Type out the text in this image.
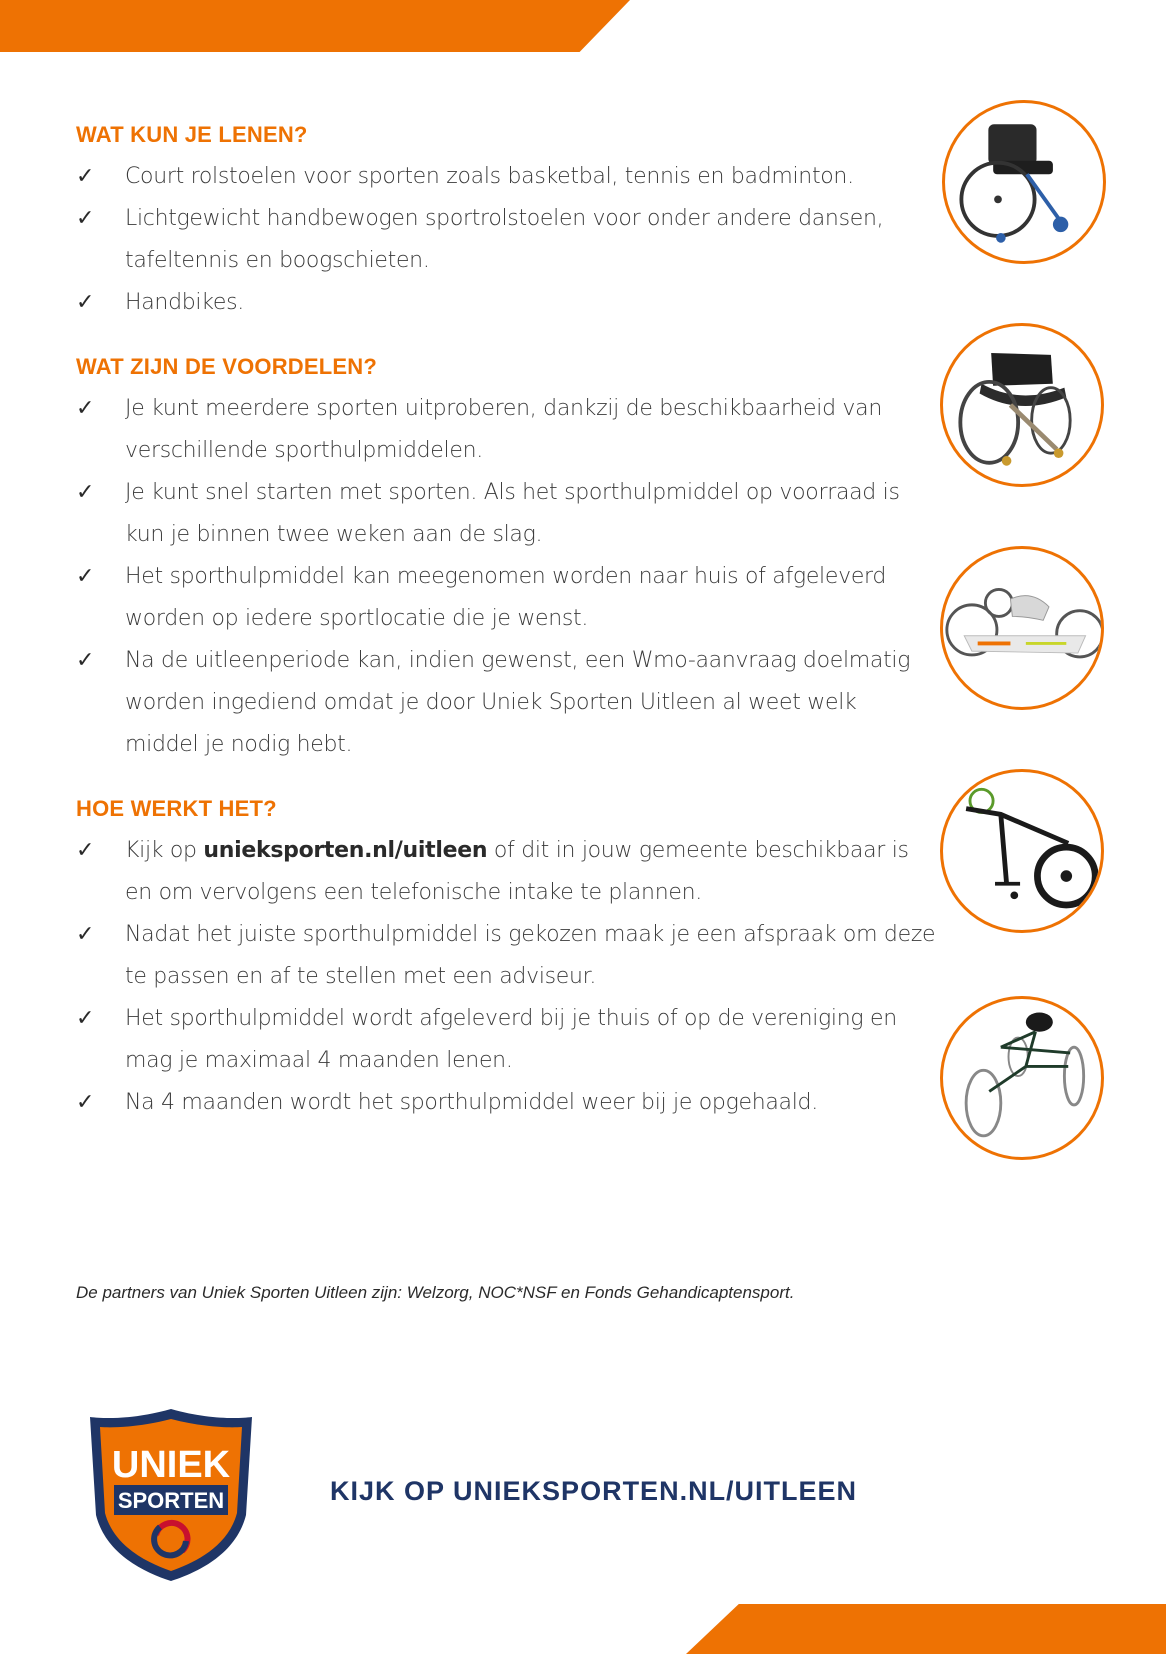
WAT KUN JE LENEN?
✓ Court rolstoelen voor sporten zoals basketbal, tennis en badminton.
✓ Lichtgewicht handbewogen sportrolstoelen voor onder andere dansen, tafeltennis en boogschieten.
✓ Handbikes.
WAT ZIJN DE VOORDELEN?
✓ Je kunt meerdere sporten uitproberen, dankzij de beschikbaarheid van verschillende sporthulpmiddelen.
✓ Je kunt snel starten met sporten. Als het sporthulpmiddel op voorraad is kun je binnen twee weken aan de slag.
✓ Het sporthulpmiddel kan meegenomen worden naar huis of afgeleverd worden op iedere sportlocatie die je wenst.
✓ Na de uitleenperiode kan, indien gewenst, een Wmo-aanvraag doelmatig worden ingediend omdat je door Uniek Sporten Uitleen al weet welk middel je nodig hebt.
HOE WERKT HET?
✓ Kijk op unieksporten.nl/uitleen of dit in jouw gemeente beschikbaar is en om vervolgens een telefonische intake te plannen.
✓ Nadat het juiste sporthulpmiddel is gekozen maak je een afspraak om deze te passen en af te stellen met een adviseur.
✓ Het sporthulpmiddel wordt afgeleverd bij je thuis of op de vereniging en mag je maximaal 4 maanden lenen.
✓ Na 4 maanden wordt het sporthulpmiddel weer bij je opgehaald.
De partners van Uniek Sporten Uitleen zijn: Welzorg, NOC*NSF en Fonds Gehandicaptensport.
UNIEK
SPORTEN	KIJK OP UNIEKSPORTEN.NL/UITLEEN
